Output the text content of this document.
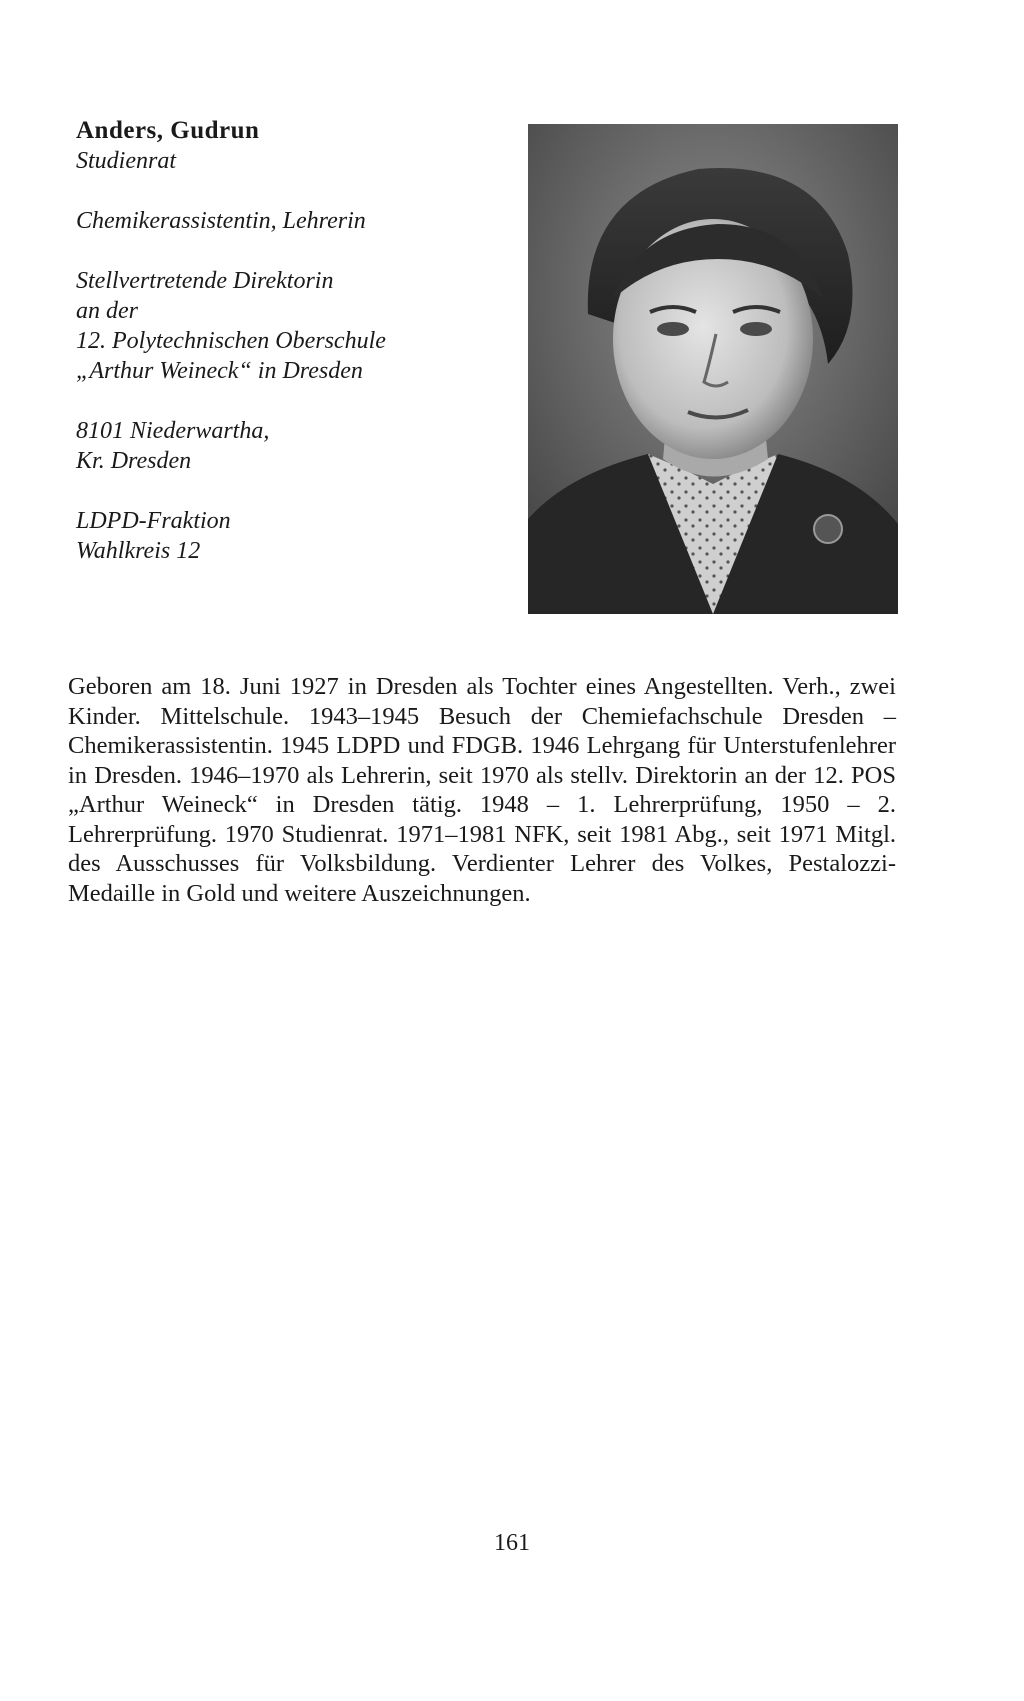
Anders, Gudrun

Studienrat

Chemikerassistentin, Lehrerin

Stellvertretende Direktorin

an der

12. Polytechnischen Oberschule

„Arthur Weineck“ in Dresden

8101 Niederwartha,

Kr. Dresden

LDPD-Fraktion

Wahlkreis 12

Geboren am 18. Juni 1927 in Dresden als Tochter eines Angestellten. Verh., zwei Kinder. Mittelschule. 1943–1945 Besuch der Chemiefachschule Dresden – Chemikerassistentin. 1945 LDPD und FDGB. 1946 Lehrgang für Unterstufenlehrer in Dresden. 1946–1970 als Lehrerin, seit 1970 als stellv. Direktorin an der 12. POS „Arthur Weineck“ in Dresden tätig. 1948 – 1. Lehrerprüfung, 1950 – 2. Lehrerprüfung. 1970 Studienrat. 1971–1981 NFK, seit 1981 Abg., seit 1971 Mitgl. des Ausschusses für Volksbildung. Verdienter Lehrer des Volkes, Pestalozzi-Medaille in Gold und weitere Auszeichnungen.

161
